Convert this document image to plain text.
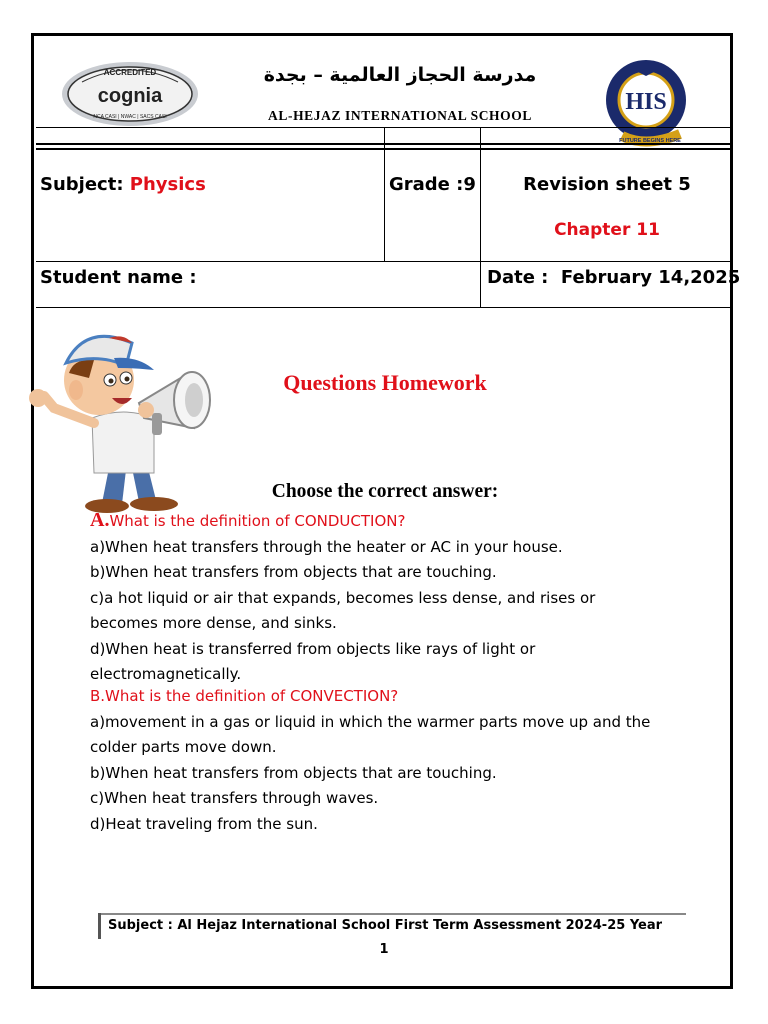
ACCREDITED
cognia
NCA CASI | NWAC | SACS CASI
مدرسة الحجاز العالمية – بجدة
AL-HEJAZ INTERNATIONAL SCHOOL
HIS
FUTURE BEGINS HERE
Subject: Physics	Grade :9	Revision sheet 5
Chapter 11
Student name :	Date :  February 14,2025
Questions Homework
Choose the correct answer:
A.What is the definition of CONDUCTION?
a)When heat transfers through the heater or AC in your house.
b)When heat transfers from objects that are touching.
c)a hot liquid or air that expands, becomes less dense, and rises or becomes more dense, and sinks.
d)When heat is transferred from objects like rays of light or electromagnetically.
B.What is the definition of CONVECTION?
a)movement in a gas or liquid in which the warmer parts move up and the colder parts move down.
b)When heat transfers from objects that are touching.
c)When heat transfers through waves.
d)Heat traveling from the sun.
Subject : Al Hejaz International School First Term Assessment 2024-25 Year
1
